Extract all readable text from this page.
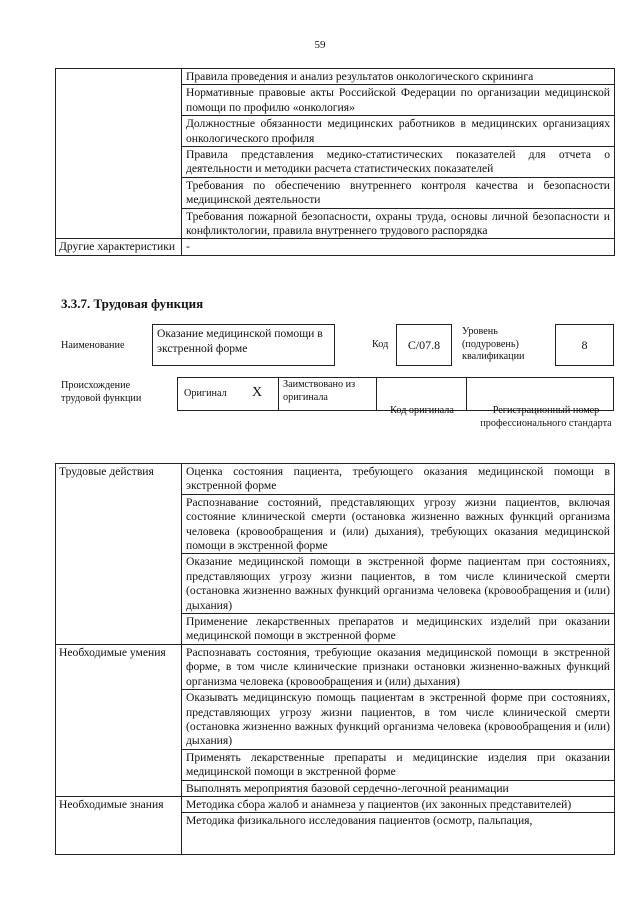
59
	Правила проведения и анализ результатов онкологического скрининга
	Нормативные правовые акты Российской Федерации по организации медицинской помощи по профилю «онкология»
	Должностные обязанности медицинских работников в медицинских организациях онкологического профиля
	Правила представления медико-статистических показателей для отчета о деятельности и методики расчета статистических показателей
	Требования по обеспечению внутреннего контроля качества и безопасности медицинской деятельности
	Требования пожарной безопасности, охраны труда, основы личной безопасности и конфликтологии, правила внутреннего трудового распорядка
Другие характеристики	-
3.3.7. Трудовая функция
Наименование
Оказание медицинской помощи в экстренной форме	Код	С/07.8
Уровень (подуровень) квалификации
8
Происхождение трудовой функции	Оригинал X
Заимствовано из оригинала
Код оригинала	Регистрационный номер профессионального стандарта
Трудовые действия	Оценка состояния пациента, требующего оказания медицинской помощи в экстренной форме
	Распознавание состояний, представляющих угрозу жизни пациентов, включая состояние клинической смерти (остановка жизненно важных функций организма человека (кровообращения и (или) дыхания), требующих оказания медицинской помощи в экстренной форме
	Оказание медицинской помощи в экстренной форме пациентам при состояниях, представляющих угрозу жизни пациентов, в том числе клинической смерти (остановка жизненно важных функций организма человека (кровообращения и (или) дыхания)
	Применение лекарственных препаратов и медицинских изделий при оказании медицинской помощи в экстренной форме
Необходимые умения	Распознавать состояния, требующие оказания медицинской помощи в экстренной форме, в том числе клинические признаки остановки жизненно-важных функций организма человека (кровообращения и (или) дыхания)
	Оказывать медицинскую помощь пациентам в экстренной форме при состояниях, представляющих угрозу жизни пациентов, в том числе клинической смерти (остановка жизненно важных функций организма человека (кровообращения и (или) дыхания)
	Применять лекарственные препараты и медицинские изделия при оказании медицинской помощи в экстренной форме
	Выполнять мероприятия базовой сердечно-легочной реанимации
Необходимые знания	Методика сбора жалоб и анамнеза у пациентов (их законных представителей)
	Методика физикального исследования пациентов (осмотр, пальпация,
